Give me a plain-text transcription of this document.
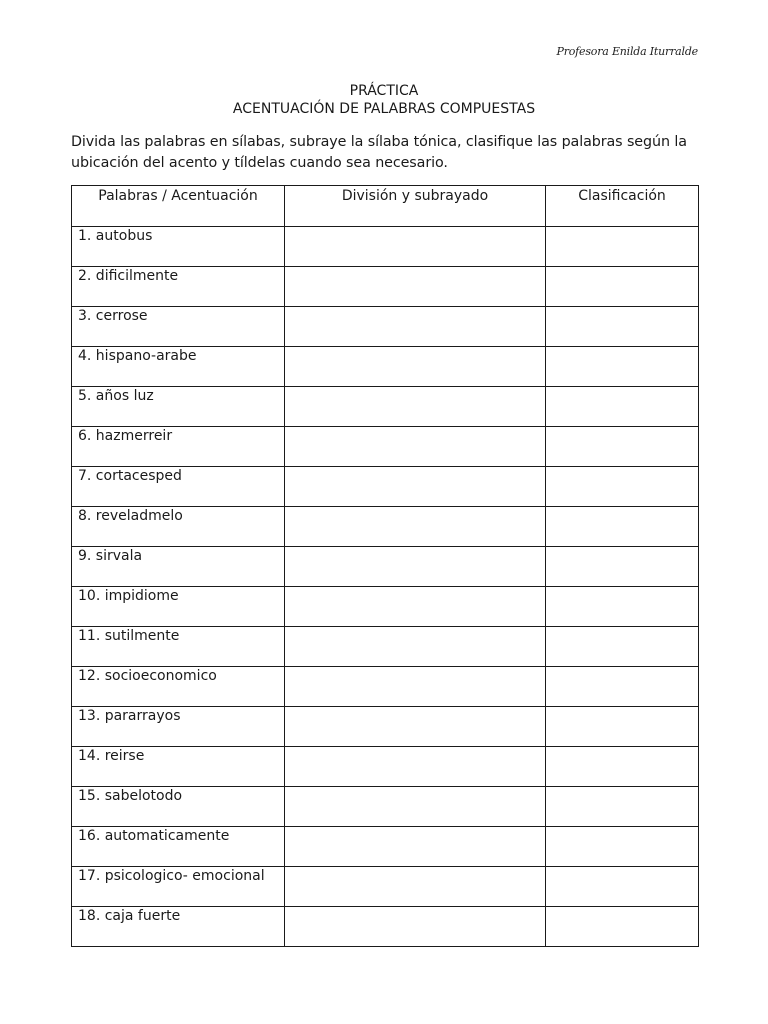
Profesora Enilda Iturralde
PRÁCTICA
ACENTUACIÓN DE PALABRAS COMPUESTAS
Divida las palabras en sílabas, subraye la sílaba tónica, clasifique las palabras según la ubicación del acento y tíldelas cuando sea necesario.
Palabras / Acentuación	División y subrayado	Clasificación
1. autobus		
2. dificilmente		
3. cerrose		
4. hispano-arabe		
5. años luz		
6. hazmerreir		
7. cortacesped		
8. reveladmelo		
9. sirvala		
10. impidiome		
11. sutilmente		
12. socioeconomico		
13. pararrayos		
14. reirse		
15. sabelotodo		
16. automaticamente		
17. psicologico- emocional		
18. caja fuerte		
